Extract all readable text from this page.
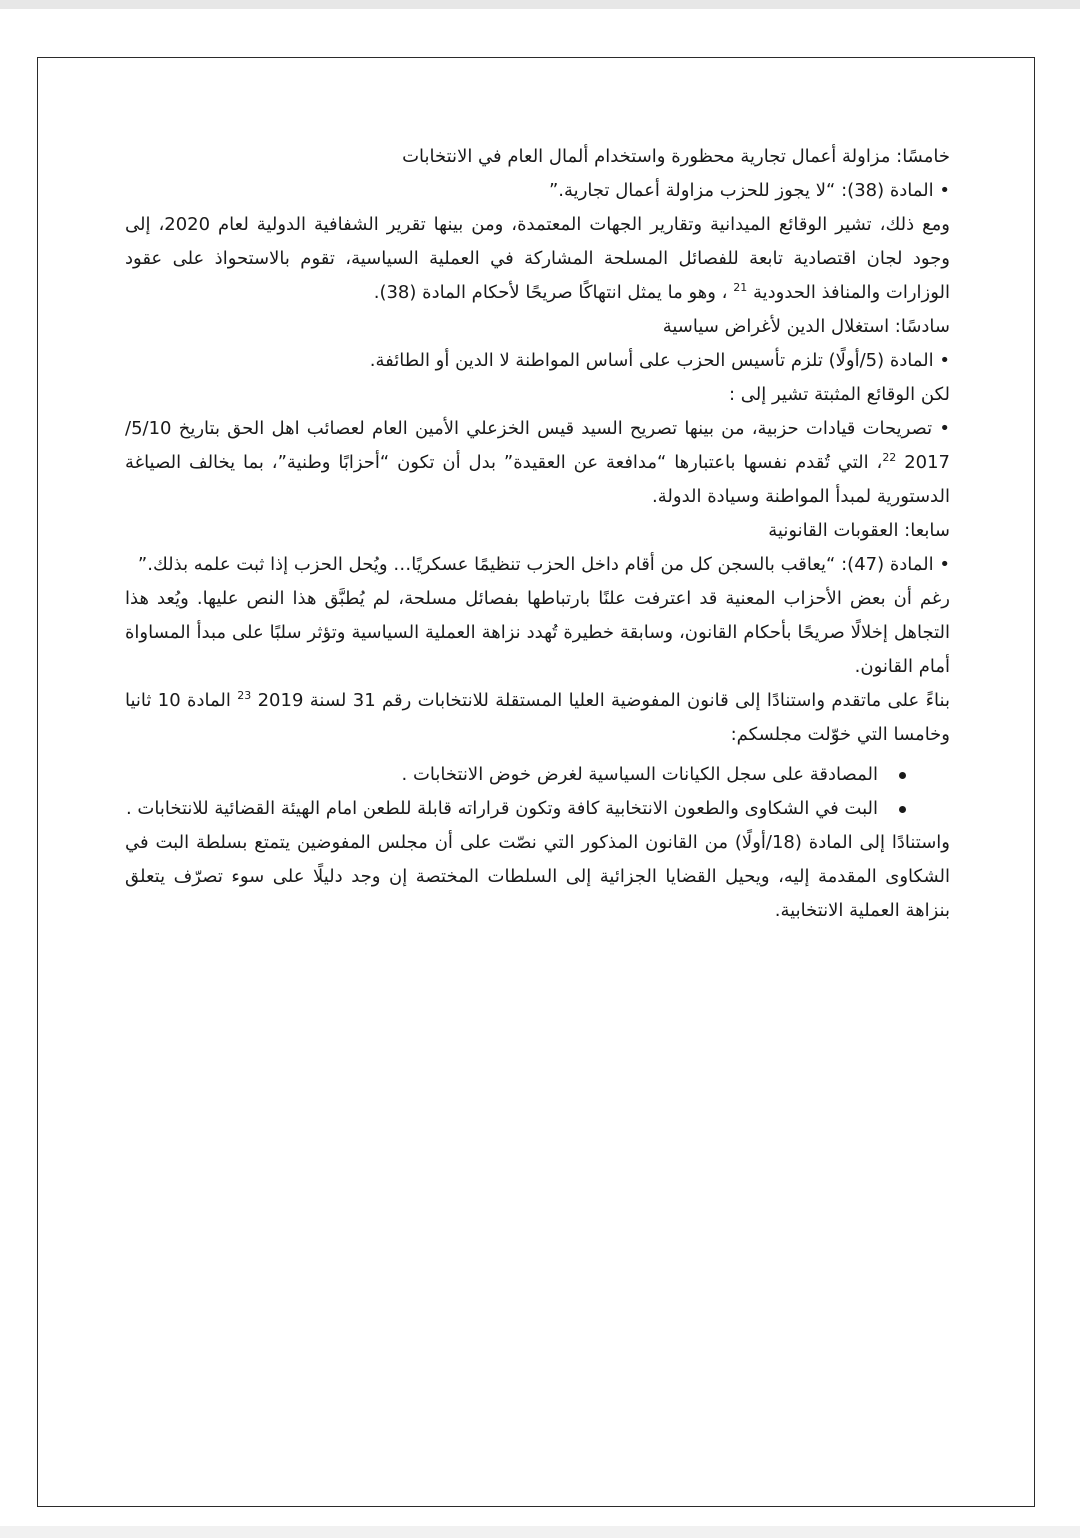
خامسًا: مزاولة أعمال تجارية محظورة واستخدام ألمال العام في الانتخابات

• المادة (38): “لا يجوز للحزب مزاولة أعمال تجارية.”

ومع ذلك، تشير الوقائع الميدانية وتقارير الجهات المعتمدة، ومن بينها تقرير الشفافية الدولية لعام 2020، إلى وجود لجان اقتصادية تابعة للفصائل المسلحة المشاركة في العملية السياسية، تقوم بالاستحواذ على عقود الوزارات والمنافذ الحدودية $^{21}$ ، وهو ما يمثل انتهاكًا صريحًا لأحكام المادة (38).

سادسًا: استغلال الدين لأغراض سياسية

• المادة (5/أولًا) تلزم تأسيس الحزب على أساس المواطنة لا الدين أو الطائفة.

لكن الوقائع المثبتة تشير إلى :

• تصريحات قيادات حزبية، من بينها تصريح السيد قيس الخزعلي الأمين العام لعصائب اهل الحق بتاريخ 5/10/ 2017 $^{22}$، التي تُقدم نفسها باعتبارها “مدافعة عن العقيدة” بدل أن تكون “أحزابًا وطنية”، بما يخالف الصياغة الدستورية لمبدأ المواطنة وسيادة الدولة.

سابعا: العقوبات القانونية

• المادة (47): “يعاقب بالسجن كل من أقام داخل الحزب تنظيمًا عسكريًا… ويُحل الحزب إذا ثبت علمه بذلك.”

رغم أن بعض الأحزاب المعنية قد اعترفت علنًا بارتباطها بفصائل مسلحة، لم يُطبَّق هذا النص عليها. ويُعد هذا التجاهل إخلالًا صريحًا بأحكام القانون، وسابقة خطيرة تُهدد نزاهة العملية السياسية وتؤثر سلبًا على مبدأ المساواة أمام القانون.

بناءً على ماتقدم واستنادًا إلى قانون المفوضية العليا المستقلة للانتخابات رقم 31 لسنة 2019 $^{23}$ المادة 10 ثانيا وخامسا التي خوّلت مجلسكم:

المصادقة على سجل الكيانات السياسية لغرض خوض الانتخابات .
البت في الشكاوى والطعون الانتخابية كافة وتكون قراراته قابلة للطعن امام الهيئة القضائية للانتخابات .

واستنادًا إلى المادة (18/أولًا) من القانون المذكور التي نصّت على أن مجلس المفوضين يتمتع بسلطة البت في الشكاوى المقدمة إليه، ويحيل القضايا الجزائية إلى السلطات المختصة إن وجد دليلًا على سوء تصرّف يتعلق بنزاهة العملية الانتخابية.
